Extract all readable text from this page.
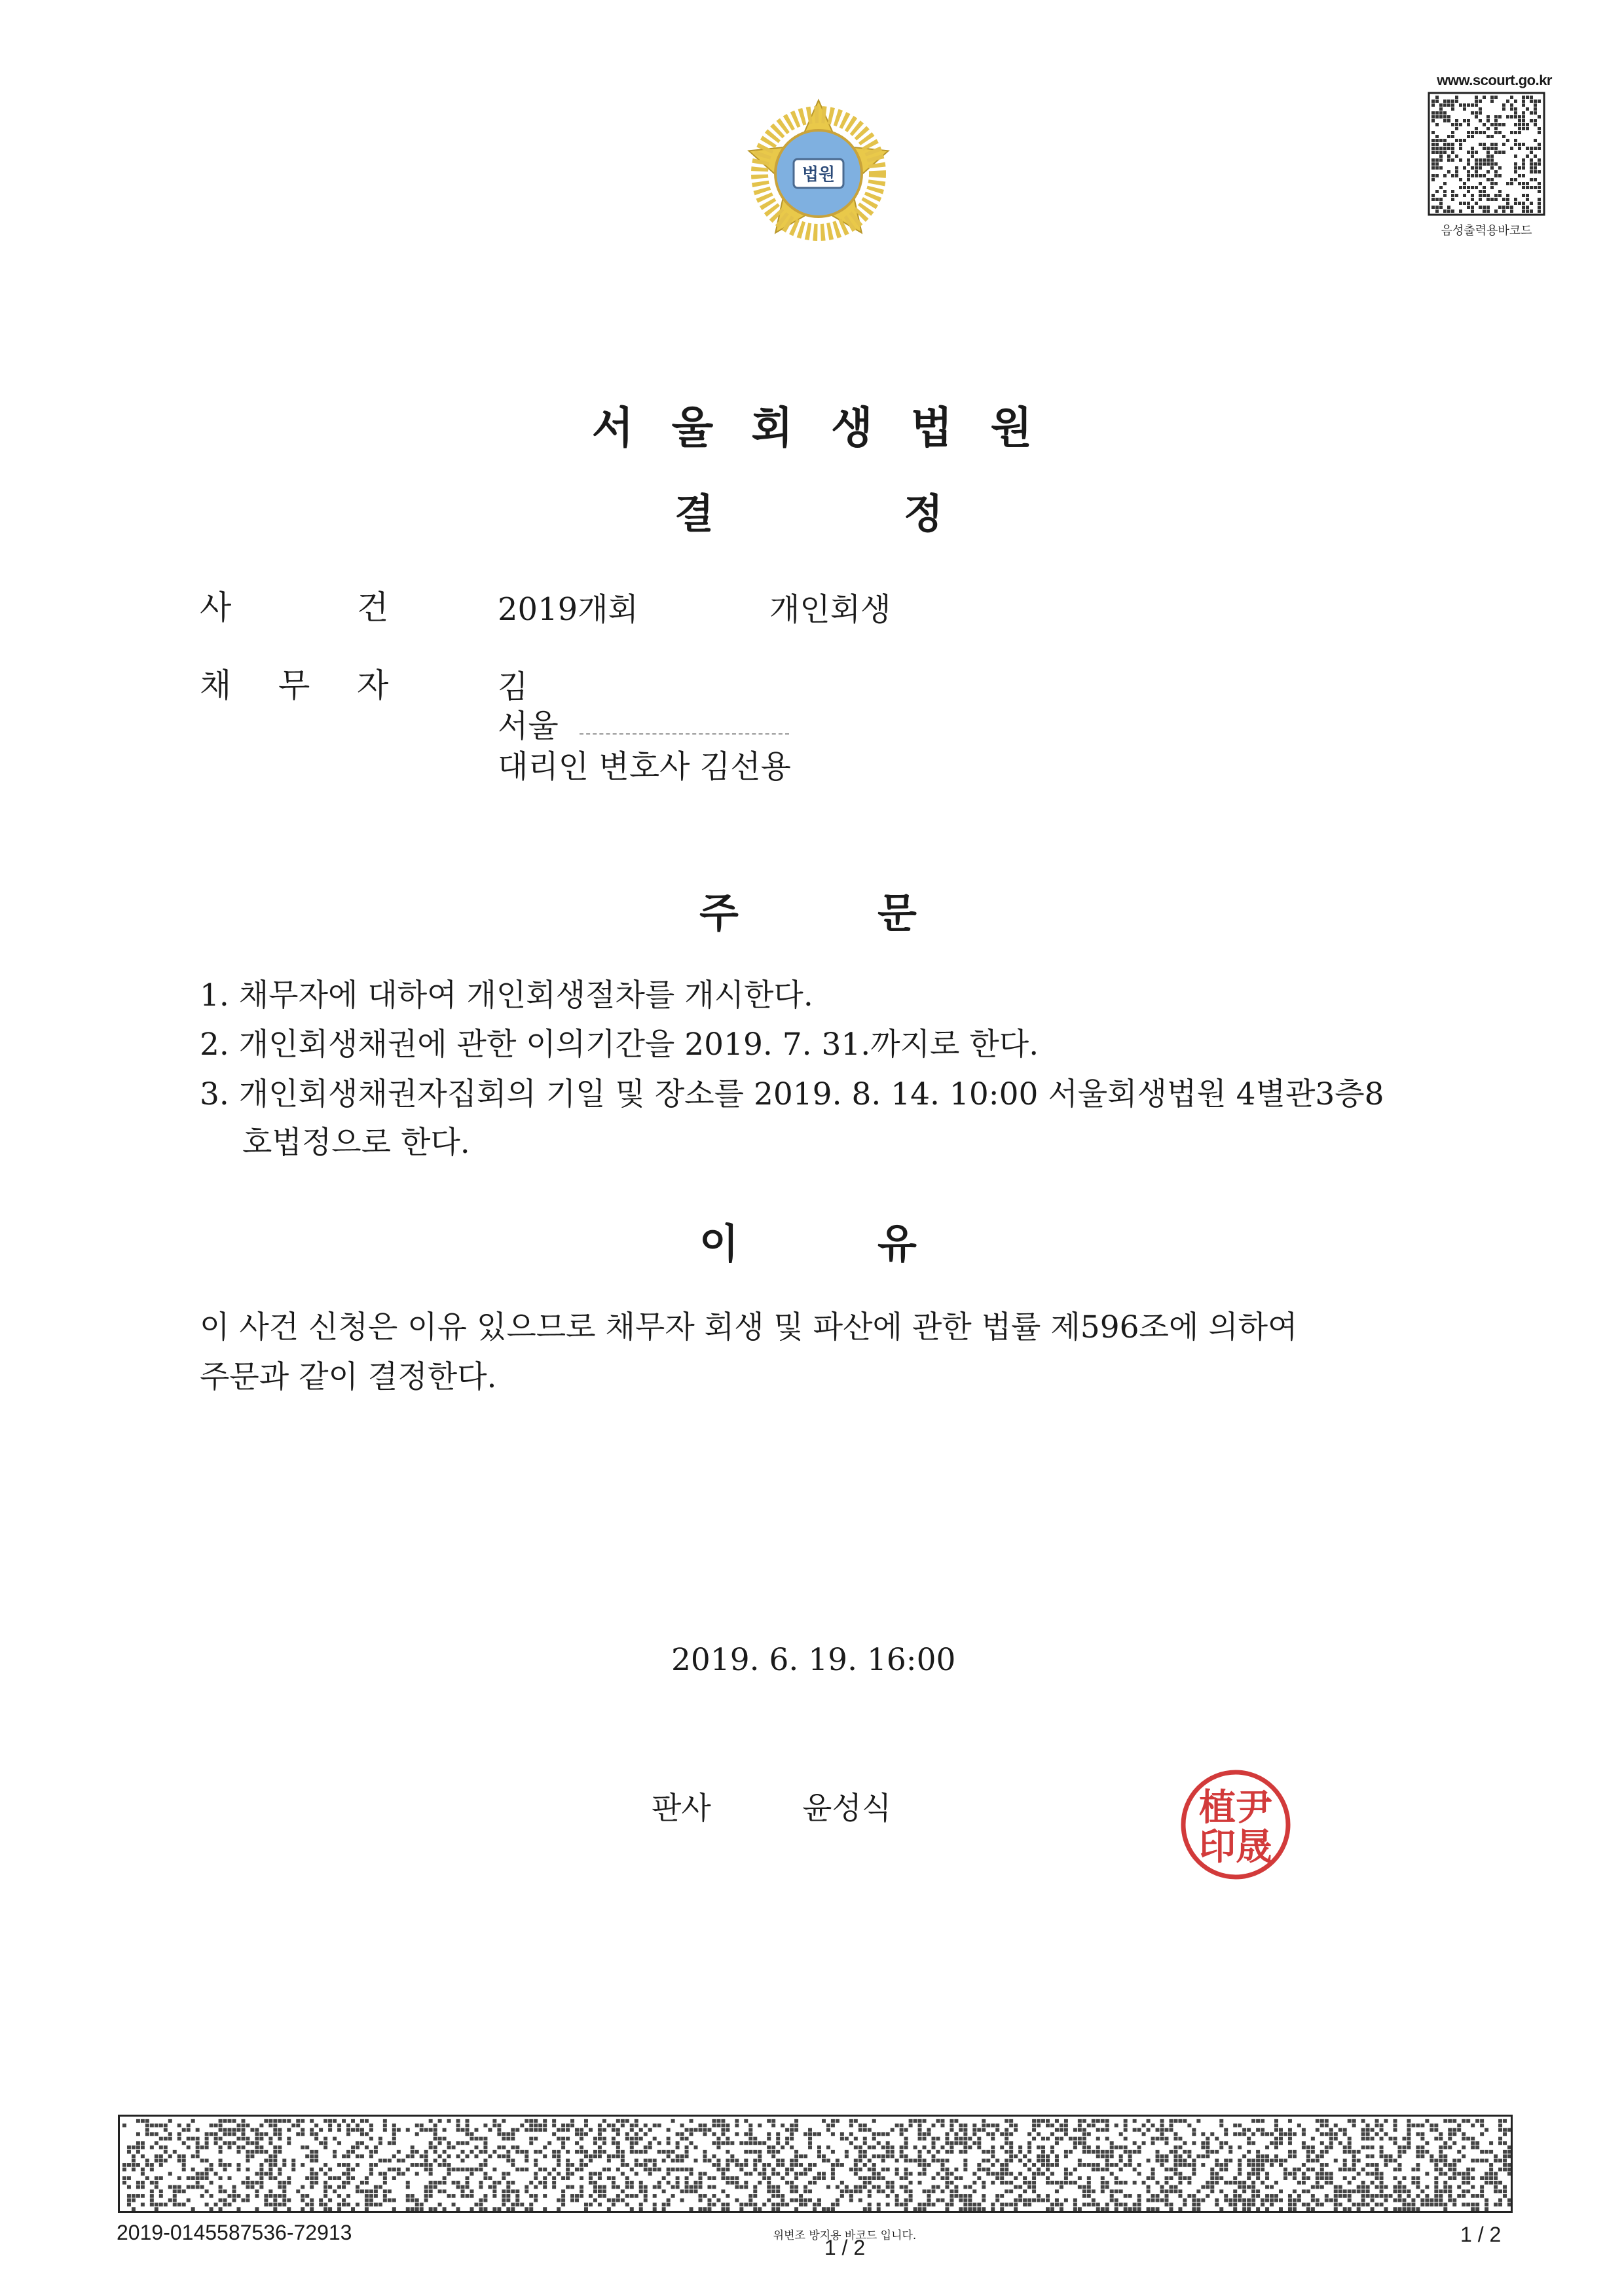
법원
www.scourt.go.kr
음성출력용바코드
서울회생법원
결	정
사	건	2019개회	개인회생
채 무 자	김
서울
대리인 변호사 김선용
주	문
1. 채무자에 대하여 개인회생절차를 개시한다.
2. 개인회생채권에 관한 이의기간을 2019. 7. 31.까지로 한다.
3. 개인회생채권자집회의 기일 및 장소를 2019. 8. 14. 10:00 서울회생법원 4별관3층8
호법정으로 한다.
이	유
이 사건 신청은 이유 있으므로 채무자 회생 및 파산에 관한 법률 제596조에 의하여
주문과 같이 결정한다.
2019. 6. 19. 16:00
판사	윤성식	植尹
印晟
2019-0145587536-72913	위변조 방지용 바코드 입니다.
1 / 2
1 / 2
